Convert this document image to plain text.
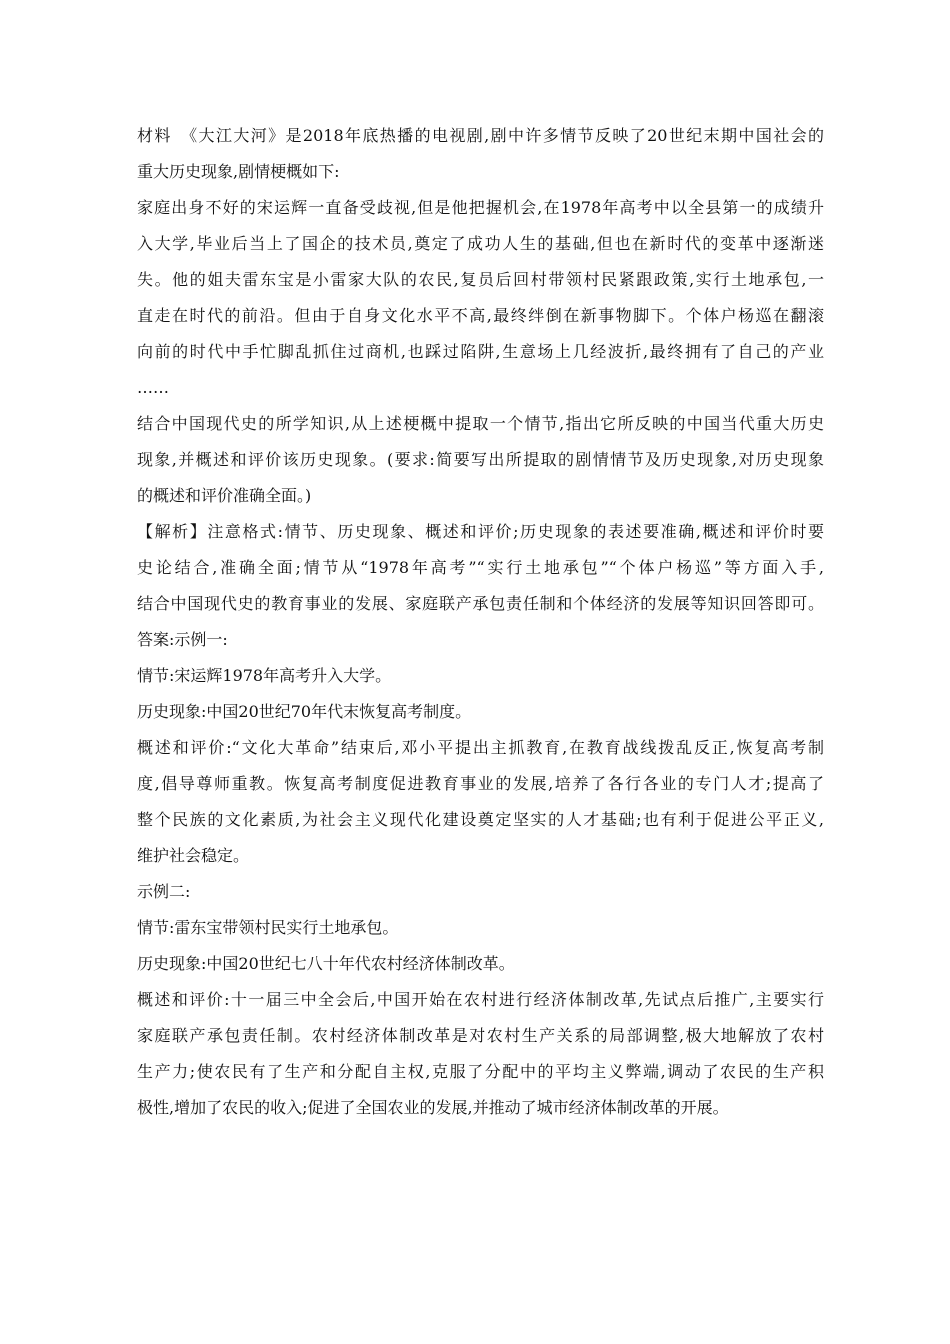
材料　《大江大河》是2018年底热播的电视剧,剧中许多情节反映了20世纪末期中国社会的
重大历史现象,剧情梗概如下:
家庭出身不好的宋运辉一直备受歧视,但是他把握机会,在1978年高考中以全县第一的成绩升
入大学,毕业后当上了国企的技术员,奠定了成功人生的基础,但也在新时代的变革中逐渐迷
失。他的姐夫雷东宝是小雷家大队的农民,复员后回村带领村民紧跟政策,实行土地承包,一
直走在时代的前沿。但由于自身文化水平不高,最终绊倒在新事物脚下。个体户杨巡在翻滚
向前的时代中手忙脚乱抓住过商机,也踩过陷阱,生意场上几经波折,最终拥有了自己的产业
……
结合中国现代史的所学知识,从上述梗概中提取一个情节,指出它所反映的中国当代重大历史
现象,并概述和评价该历史现象。(要求:简要写出所提取的剧情情节及历史现象,对历史现象
的概述和评价准确全面。)
【解析】注意格式:情节、历史现象、概述和评价;历史现象的表述要准确,概述和评价时要
史论结合,准确全面;情节从“1978年高考”“实行土地承包”“个体户杨巡”等方面入手,
结合中国现代史的教育事业的发展、家庭联产承包责任制和个体经济的发展等知识回答即可。
答案:示例一:
情节:宋运辉1978年高考升入大学。
历史现象:中国20世纪70年代末恢复高考制度。
概述和评价:“文化大革命”结束后,邓小平提出主抓教育,在教育战线拨乱反正,恢复高考制
度,倡导尊师重教。恢复高考制度促进教育事业的发展,培养了各行各业的专门人才;提高了
整个民族的文化素质,为社会主义现代化建设奠定坚实的人才基础;也有利于促进公平正义,
维护社会稳定。
示例二:
情节:雷东宝带领村民实行土地承包。
历史现象:中国20世纪七八十年代农村经济体制改革。
概述和评价:十一届三中全会后,中国开始在农村进行经济体制改革,先试点后推广,主要实行
家庭联产承包责任制。农村经济体制改革是对农村生产关系的局部调整,极大地解放了农村
生产力;使农民有了生产和分配自主权,克服了分配中的平均主义弊端,调动了农民的生产积
极性,增加了农民的收入;促进了全国农业的发展,并推动了城市经济体制改革的开展。
